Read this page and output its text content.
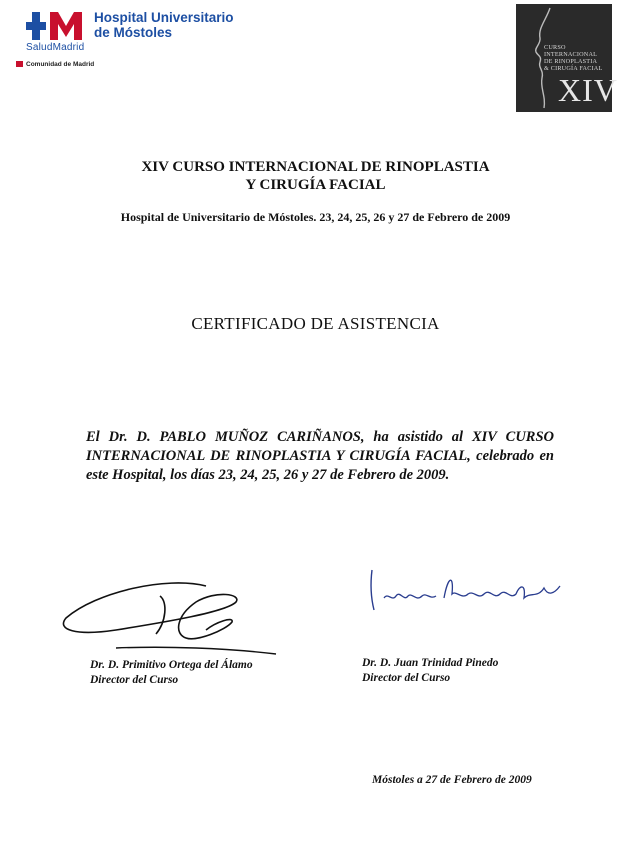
Hospital Universitario
de Móstoles
SaludMadrid
Comunidad de Madrid
CURSO
INTERNACIONAL
DE RINOPLASTIA
& CIRUGÍA FACIAL
XIV
XIV CURSO INTERNACIONAL DE RINOPLASTIA
Y CIRUGÍA FACIAL
Hospital de Universitario de Móstoles. 23, 24, 25, 26 y 27 de Febrero de 2009
CERTIFICADO DE ASISTENCIA
El Dr. D. PABLO MUÑOZ CARIÑANOS, ha asistido al XIV CURSO INTERNACIONAL DE RINOPLASTIA Y CIRUGÍA FACIAL, celebrado en este Hospital, los días 23, 24, 25, 26 y 27 de Febrero de 2009.
Dr. D. Primitivo Ortega del Álamo
Director del Curso
Dr. D. Juan Trinidad Pinedo
Director del Curso
Móstoles a 27 de Febrero de 2009
